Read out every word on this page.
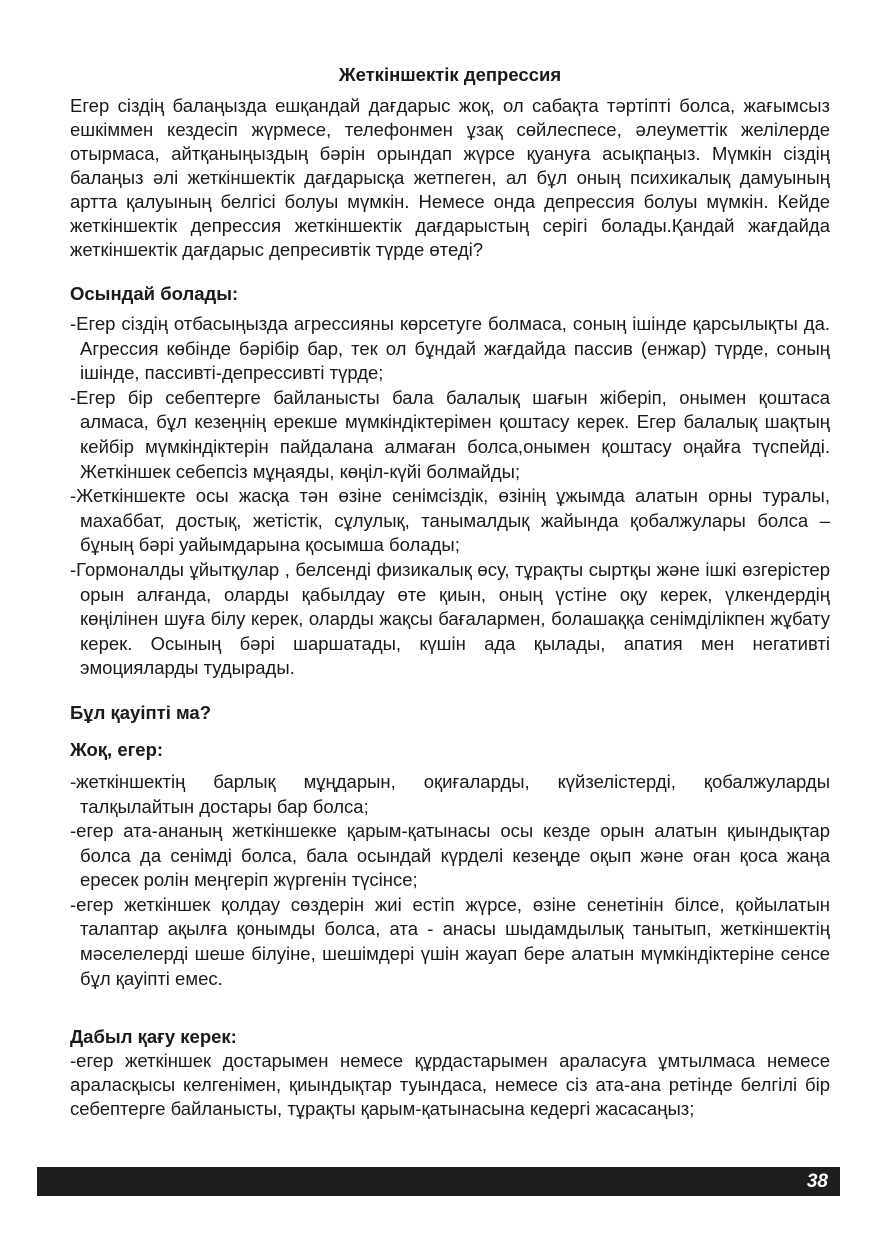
Жеткіншектік депрессия

Егер сіздің балаңызда ешқандай дағдарыс жоқ, ол сабақта тәртіпті болса, жағымсыз ешкіммен кездесіп жүрмесе, телефонмен ұзақ сөйлеспесе, әлеуметтік желілерде отырмаса, айтқаныңыздың бәрін орындап жүрсе қуануға асықпаңыз. Мүмкін сіздің балаңыз әлі жеткіншектік дағдарысқа жетпеген, ал бұл оның психикалық дамуының артта қалуының белгісі болуы мүмкін. Немесе онда депрессия болуы мүмкін. Кейде жеткіншектік депрессия жеткіншектік дағдарыстың серігі болады.Қандай жағдайда жеткіншектік дағдарыс депресивтік түрде өтеді?

Осындай болады:
-Егер сіздің отбасыңызда агрессияны көрсетуге болмаса, соның ішінде қарсылықты да. Агрессия көбінде бәрібір бар, тек ол бұндай жағдайда пассив (енжар) түрде, соның ішінде, пассивті-депрессивті түрде;
-Егер бір себептерге байланысты бала балалық шағын жіберіп, онымен қоштаса алмаса, бұл кезеңнің ерекше мүмкіндіктерімен қоштасу керек. Егер балалық шақтың кейбір мүмкіндіктерін пайдалана алмаған болса,онымен қоштасу оңайға түспейді. Жеткіншек себепсіз мұңаяды, көңіл-күйі болмайды;
-Жеткіншекте осы жасқа тән өзіне сенімсіздік, өзінің ұжымда алатын орны туралы, махаббат, достық, жетістік, сұлулық, танымалдық жайында қобалжулары болса – бұның бәрі уайымдарына қосымша болады;
-Гормоналды ұйытқулар , белсенді физикалық өсу, тұрақты сыртқы және ішкі өзгерістер орын алғанда, оларды қабылдау өте қиын, оның үстіне оқу керек, үлкендердің көңілінен шуға білу керек, оларды жақсы бағалармен, болашаққа сенімділікпен жұбату керек. Осының бәрі шаршатады, күшін ада қылады, апатия мен негативті эмоцияларды тудырады.
Бұл қауіпті ма?
Жоқ, егер:
-жеткіншектің барлық мұңдарын, оқиғаларды, күйзелістерді, қобалжуларды талқылайтын достары бар болса;
-егер ата-ананың жеткіншекке қарым-қатынасы осы кезде орын алатын қиындықтар болса да сенімді болса, бала осындай күрделі кезеңде оқып және оған қоса жаңа ересек ролін меңгеріп жүргенін түсінсе;
-егер жеткіншек қолдау сөздерін жиі естіп жүрсе, өзіне сенетінін білсе, қойылатын талаптар ақылға қонымды болса, ата - анасы шыдамдылық танытып, жеткіншектің мәселелерді шеше білуіне, шешімдері үшін жауап бере алатын мүмкіндіктеріне сенсе бұл қауіпті емес.
Дабыл қағу керек:

-егер жеткіншек достарымен немесе құрдастарымен араласуға ұмтылмаса немесе араласқысы келгенімен, қиындықтар туындаса, немесе сіз ата-ана ретінде белгілі бір себептерге байланысты, тұрақты қарым-қатынасына кедергі жасасаңыз;

38
